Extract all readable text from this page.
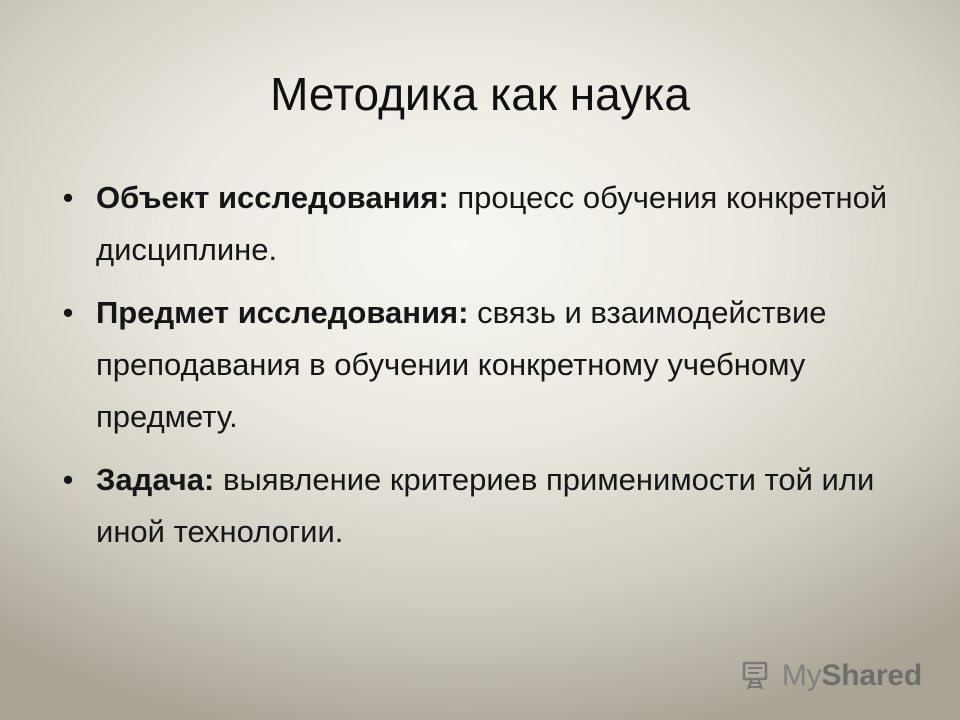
Методика как наука
• Объект исследования: процесс обучения конкретной дисциплине.
• Предмет исследования: связь и взаимодействие преподавания в обучении конкретному учебному предмету.
• Задача: выявление критериев применимости той или иной технологии.
MyShared
